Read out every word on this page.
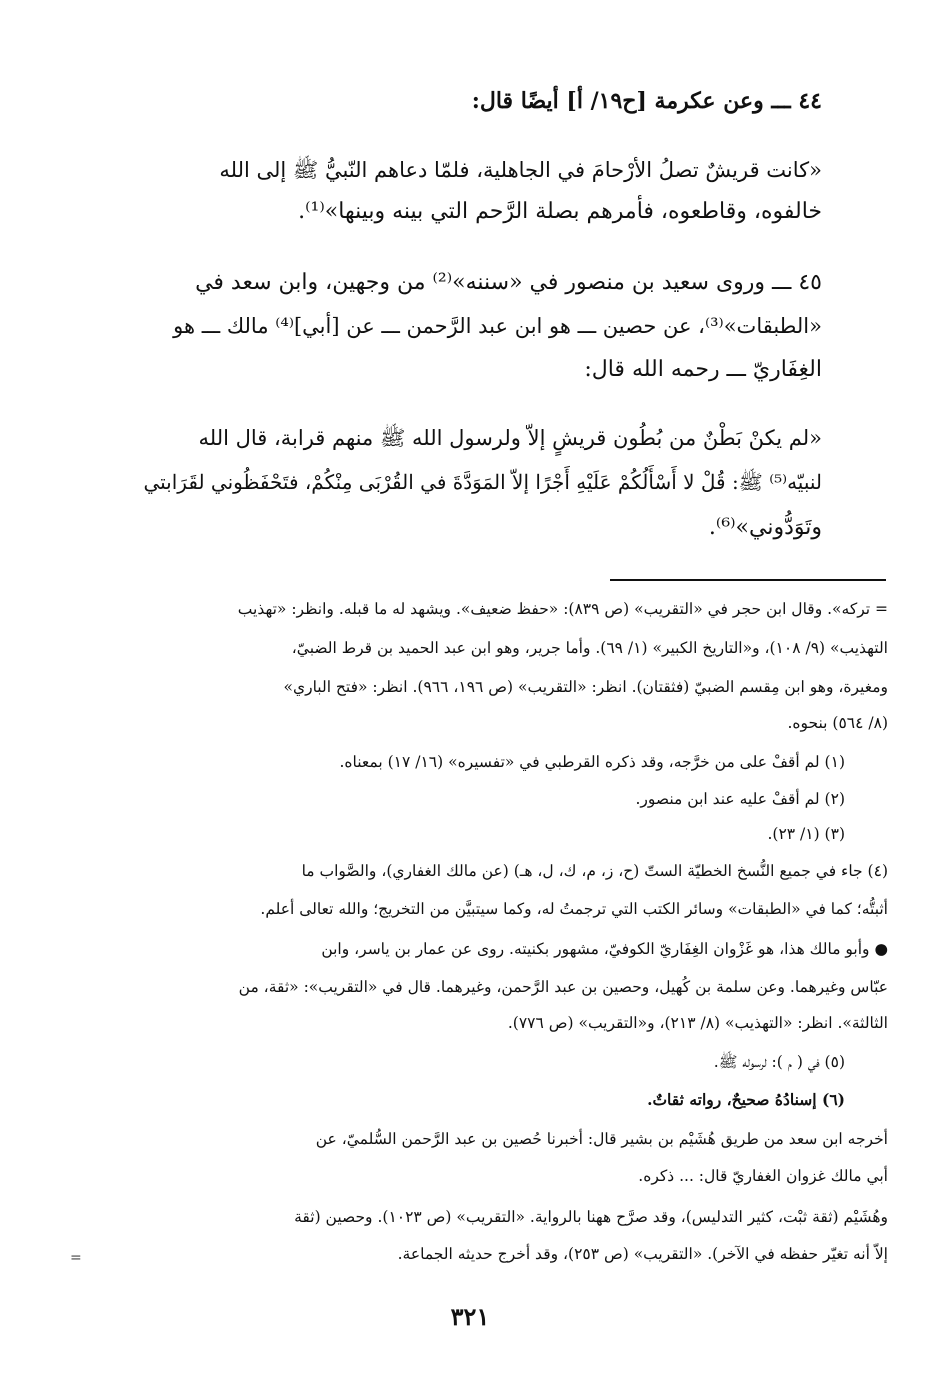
٤٤ ـــ وعن عكرمة [ح١٩/ أ] أيضًا قال:
«كانت قريشٌ تصلُ الأرْحامَ في الجاهلية، فلمّا دعاهم النّبيُّ ﷺ إلى الله
خالفوه، وقاطعوه، فأمرهم بصلة الرَّحم التي بينه وبينها»⁽¹⁾.
٤٥ ـــ وروى سعيد بن منصور في «سننه»⁽²⁾ من وجهين، وابن سعد في
«الطبقات»⁽³⁾، عن حصين ـــ هو ابن عبد الرَّحمن ـــ عن [أبي]⁽⁴⁾ مالك ـــ هو
الغِفَاريّ ـــ رحمه الله قال:
«لم يكنْ بَطْنٌ من بُطُون قريشٍ إلاّ ولرسول الله ﷺ منهم قرابة، قال الله
لنبيّه⁽⁵⁾ ﷺ: قُلْ لا أَسْأَلُكُمْ عَلَيْهِ أَجْرًا إلاّ المَوَدَّةَ في القُرْبَى مِنْكُمْ، فتَحْفَظُوني لقَرَابتي
وتَوَدُّوني»⁽⁶⁾.
= تركه». وقال ابن حجر في «التقريب» (ص ٨٣٩): «حفظ ضعيف». ويشهد له ما قبله. وانظر: «تهذيب
التهذيب» (٩/ ١٠٨)، و«التاريخ الكبير» (١/ ٦٩). وأما جرير، وهو ابن عبد الحميد بن قرط الضبيّ،
ومغيرة، وهو ابن مِقسم الضبيّ (فثقتان). انظر: «التقريب» (ص ١٩٦، ٩٦٦). انظر: «فتح الباري»
(٨/ ٥٦٤) بنحوه.
(١) لم أقفْ على من خرَّجه، وقد ذكره القرطبي في «تفسيره» (١٦/ ١٧) بمعناه.
(٢) لم أقفْ عليه عند ابن منصور.
(٣) (١/ ٢٣).
(٤) جاء في جميع النُّسخ الخطيّة الستّ (ح، ز، م، ك، ل، هـ) (عن مالك الغفاري)، والصَّواب ما
أثبتُّه؛ كما في «الطبقات» وسائر الكتب التي ترجمتُ له، وكما سيتبيَّن من التخريج؛ والله تعالى أعلم.
● وأبو مالك هذا، هو غَزْوان الغِفَاريّ الكوفيّ، مشهور بكنيته. روى عن عمار بن ياسر، وابن
عبّاس وغيرهما. وعن سلمة بن كُهيل، وحصين بن عبد الرَّحمن، وغيرهما. قال في «التقريب»: «ثقة، من
الثالثة». انظر: «التهذيب» (٨/ ٢١٣)، و«التقريب» (ص ٧٧٦).
(٥) في ( م ): لرسوله ﷺ.
(٦) إسنادُهُ صحيحٌ، رواته ثقاتٌ.
أخرجه ابن سعد من طريق هُشَيْم بن بشير قال: أخبرنا حُصين بن عبد الرَّحمن السُّلميّ، عن
أبي مالك غزوان الغفاريّ قال: ... ذكره.
وهُشَيْم (ثقة ثبْت، كثير التدليس)، وقد صرَّح ههنا بالرواية. «التقريب» (ص ١٠٢٣). وحصين (ثقة
إلاّ أنه تغيّر حفظه في الآخر). «التقريب» (ص ٢٥٣)، وقد أخرج حديثه الجماعة.
=
٣٢١
